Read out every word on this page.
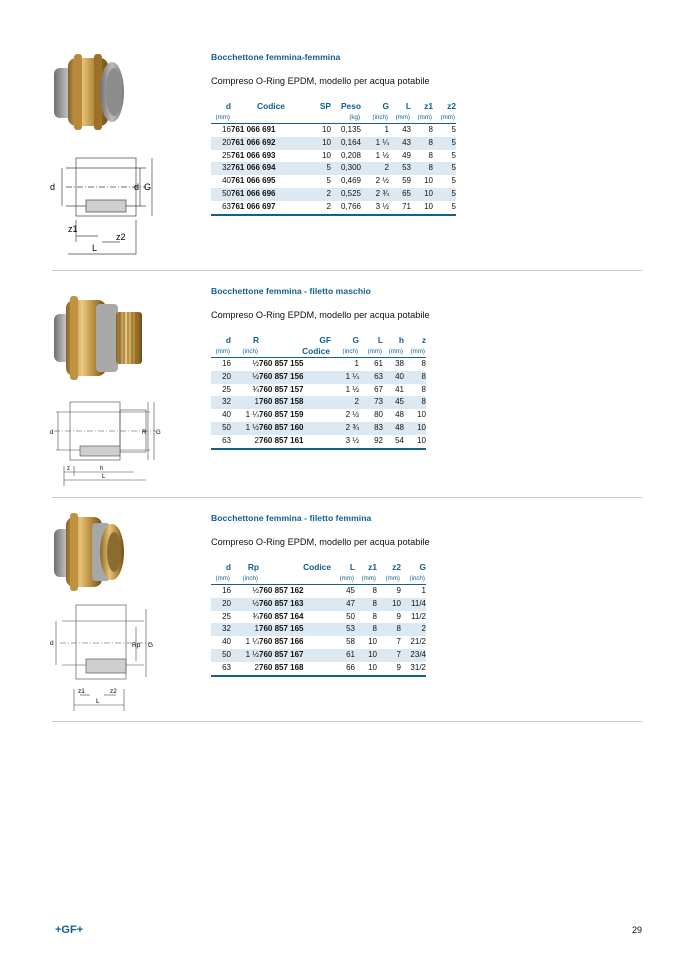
Bocchettone femmina-femmina
Compreso O-Ring EPDM, modello per acqua potabile
d	d G
z1
z2
L
d	Codice	SP	Peso	G	L	z1	z2
(mm)			(kg)	(inch)	(mm)	(mm)	(mm)
16	761 066 691	10	0,135	1	43	8	5
20	761 066 692	10	0,164	1 ¼	43	8	5
25	761 066 693	10	0,208	1 ½	49	8	5
32	761 066 694	5	0,300	2	53	8	5
40	761 066 695	5	0,469	2 ½	59	10	5
50	761 066 696	2	0,525	2 ¾	65	10	5
63	761 066 697	2	0,766	3 ½	71	10	5
Bocchettone femmina - filetto maschio
Compreso O-Ring EPDM, modello per acqua potabile
d	R G
z	h
L
d	R	GF	G	L	h	z
(mm)	(inch)	Codice	(inch)	(mm)	(mm)	(mm)
16	½	760 857 155	1	61	38	8
20	½	760 857 156	1 ¼	63	40	8
25	¾	760 857 157	1 ½	67	41	8
32	1	760 857 158	2	73	45	8
40	1 ¼	760 857 159	2 ½	80	48	10
50	1 ½	760 857 160	2 ¾	83	48	10
63	2	760 857 161	3 ½	92	54	10
Bocchettone femmina - filetto femmina
Compreso O-Ring EPDM, modello per acqua potabile
d	Rp G
z1	z2
L
d	Rp	Codice	L	z1	z2	G
(mm)	(inch)		(mm)	(mm)	(mm)	(inch)
16	½	760 857 162	45	8	9	1
20	½	760 857 163	47	8	10	11/4
25	¾	760 857 164	50	8	9	11/2
32	1	760 857 165	53	8	8	2
40	1 ¼	760 857 166	58	10	7	21/2
50	1 ½	760 857 167	61	10	7	23/4
63	2	760 857 168	66	10	9	31/2
+GF+	29
